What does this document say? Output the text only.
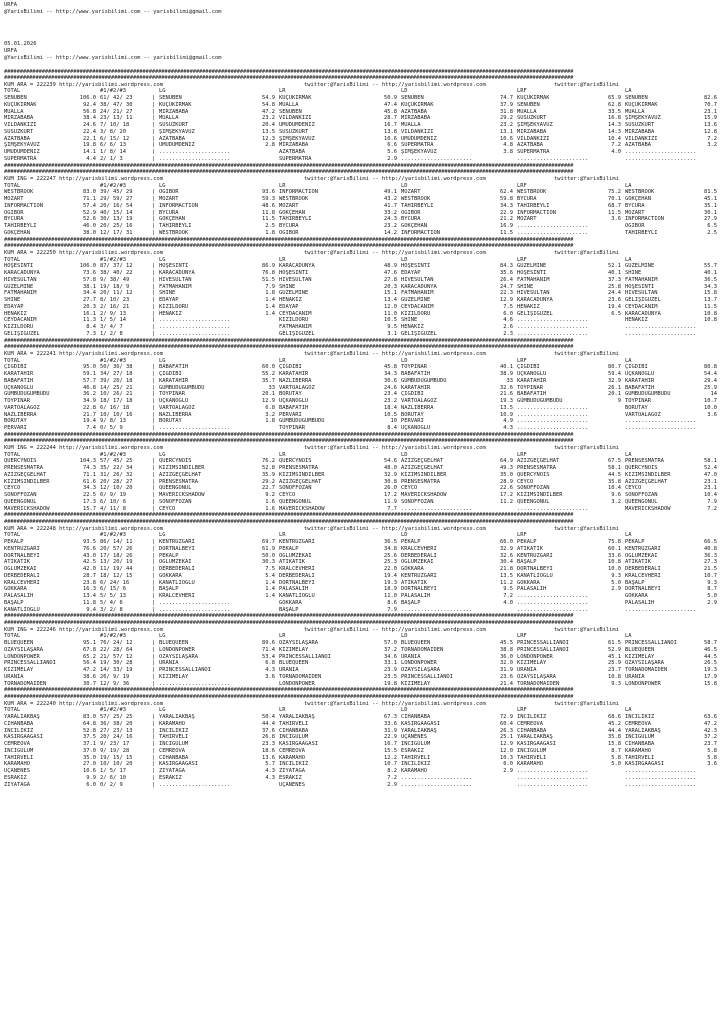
URFA
@YarisBilimi -- http://www.yarisbilimi.com -- yarisbilimi@gmail.com
05.01.2026
URFA
@YarisBilimi -- http://www.yarisbilimi.com -- yarisbilimi@gmail.com
#####################################################################################################################################################################################
#####################################################################################################################################################################################
KUM ARA = 222239 http://yarisbilimi.wordpress.com	twitter:@YarisBilimi -- http://yarisbilimi.wordpress.com	twitter:@YarisBilimi
TOTAL	#1/#2/#3	LG	LR	LD	LRF	LA
SENUBEN	106.0 61/ 42/ 23	| SENUBEN	54.9 KÜÇÜKIRMAK	50.9 SENUBEN	74.7 KÜÇÜKIRMAK	65.9 SENUBEN	82.6
KÜÇÜKIRMAK	92.4 38/ 47/ 30	| KÜÇÜKIRMAK	54.8 MUALLA	47.4 KÜÇÜKIRMAK	37.9 SENUBEN	62.8 KÜÇÜKIRMAK	70.7
MUALLA	56.8 24/ 21/ 27	| MİRZABABA	47.2 SENUBEN	45.8 AZATBABA	31.8 MUALLA	33.5 MUALLA	23.1
MİRZABABA	38.4 23/ 13/ 11	| MUALLA	23.2 VİLDANKIZI	28.7 MİRZABABA	29.2 SUSUZKURT	16.8 ŞİMŞEKYAVUZ	15.9
VİLDANKIZI	24.6 7/ 10/ 18	| SUSUZKURT	20.4 UMUDUMDENİZ	16.7 MUALLA	23.2 ŞİMŞEKYAVUZ	14.3 SUSUZKURT	13.6
SUSUZKURT	22.4 3/ 8/ 20	| ŞİMŞEKYAVUZ	13.5 SUSUZKURT	13.8 VİLDANKIZI	13.1 MİRZABABA	14.3 MİRZABABA	12.8
AZATBABA	22.1 6/ 15/ 12	| AZATBABA	12.3 ŞİMŞEKYAVUZ	10.6 UMUDUMDENİZ	10.6 VİLDANKIZI	10.4 VİLDANKIZI	7.2
ŞİMŞEKYAVUZ	19.8 6/ 6/ 13	| UMUDUMDENİZ	2.8 MİRZABABA	6.6 SÜPERMATRA	4.8 AZATBABA	7.2 AZATBABA	3.2
UMUDUMDENİZ	14.1 1/ 8/ 14	| ......................	AZATBABA	5.6 ŞİMŞEKYAVUZ	3.8 SÜPERMATRA	4.0 ......................
SÜPERMATRA	4.4 2/ 1/ 3	| ......................	SÜPERMATRA	2.9 ......................	......................	......................
#####################################################################################################################################################################################
#####################################################################################################################################################################################
KUM ING = 222247 http://yarisbilimi.wordpress.com	twitter:@YarisBilimi -- http://yarisbilimi.wordpress.com	twitter:@YarisBilimi
TOTAL	#1/#2/#3	LG	LR	LD	LRF	LA
WESTBROOK	83.0 39/ 45/ 29	| OGİBOR	93.6 INFORMACTION	49.1 MOZART	62.4 WESTBROOK	75.2 WESTBROOK	81.5
MOZART	71.1 29/ 59/ 27	| MOZART	59.3 WESTBROOK	43.2 WESTBROOK	59.8 BYCURA	70.1 GÖKÇEHAN	45.1
INFORMACTION	57.4 20/ 16/ 54	| INFORMACTION	48.6 MOZART	41.7 TAHİRBEYLİ	34.3 TAHİRBEYLİ	68.7 BYCURA	35.1
OGİBOR	52.9 40/ 15/ 14	| BYCURA	11.8 GÖKÇEHAN	33.2 OGİBOR	22.9 INFORMACTION	11.5 MOZART	30.1
BYCURA	52.6 30/ 13/ 19	| GÖKÇEHAN	11.5 TAHİRBEYLİ	24.3 BYCURA	21.2 MOZART	3.6 INFORMACTION	27.9
TAHİRBEYLİ	46.0 20/ 25/ 16	| TAHİRBEYLİ	2.5 BYCURA	23.2 GÖKÇEHAN	16.9 ......................	OGİBOR	6.5
GÖKÇEHAN	38.0 12/ 17/ 31	| WESTBROOK	1.8 OGİBOR	14.2 INFORMACTION	11.5 ......................	TAHİRBEYLİ	2.5
#####################################################################################################################################################################################
#####################################################################################################################################################################################
KUM ARA = 222250 http://yarisbilimi.wordpress.com	twitter:@YarisBilimi -- http://yarisbilimi.wordpress.com	twitter:@YarisBilimi
TOTAL	#1/#2/#3	LG	LR	LD	LRF	LA
HOŞESİNTİ	106.0 87/ 37/ 12	| HOŞESİNTİ	86.9 KARACADÜNYA	48.9 HOŞESİNTİ	84.3 GÜZELMİNE	52.1 GÜZELMİNE	55.7
KARACADÜNYA	73.6 38/ 40/ 22	| KARACADÜNYA	76.8 HOŞESİNTİ	47.6 EDAYAP	35.6 HOŞESİNTİ	40.1 SHINE	40.1
HIVESULTAN	57.8 9/ 38/ 49	| HIVESULTAN	51.5 HIVESULTAN	27.8 HIVESULTAN	26.4 FATMAHANIM	37.3 FATMAHANIM	36.5
GÜZELMİNE	38.1 19/ 18/ 9	| FATMAHANIM	7.9 SHINE	20.3 KARACADÜNYA	24.7 SHINE	25.8 HOŞESİNTİ	34.3
FATMAHANIM	34.4 20/ 11/ 12	| SHINE	1.8 GÜZELMİNE	15.1 FATMAHANIM	22.3 HIVESULTAN	24.4 HIVESULTAN	15.8
SHINE	27.7 8/ 10/ 23	| EDAYAP	1.4 HENAKIZ	13.4 GÜZELMİNE	12.9 KARACADÜNYA	23.6 GELİŞİGÜZEL	13.7
EDAYAP	20.3 2/ 16/ 21	| KIZILDORU	1.4 EDAYAP	12.0 CEYDACANIM	7.5 HENAKIZ	19.4 CEYDACANIM	11.5
HENAKIZ	16.1 2/ 9/ 13	| HENAKIZ	1.4 CEYDACANIM	11.0 KIZILDORU	6.0 GELİŞİGÜZEL	6.5 KARACADÜNYA	10.8
CEYDACANIM	11.3 1/ 5/ 14	| ......................	KIZILDORU	10.5 SHINE	4.6 ......................	HENAKIZ	10.8
KIZILDORU	8.4 3/ 4/ 7	| ......................	FATMAHANIM	9.5 HENAKIZ	2.6 ......................	......................
GELİŞİGÜZEL	7.3 1/ 2/ 8	| ......................	GELİŞİGÜZEL	3.1 GELİŞİGÜZEL	2.3 ......................	......................
#####################################################################################################################################################################################
#####################################################################################################################################################################################
KUM ARA = 222241 http://yarisbilimi.wordpress.com	twitter:@YarisBilimi -- http://yarisbilimi.wordpress.com	twitter:@YarisBilimi
TOTAL	#1/#2/#3	LG	LR	LD	LRF	LA
ÇİĞDİBİ	95.0 50/ 36/ 38	| BABAFATİH	60.0 ÇİĞDİBİ	45.8 TOYPINAR	40.1 ÇİĞDİBİ	80.7 ÇİĞDİBİ	80.8
KARATAHİR	59.1 34/ 27/ 18	| ÇİĞDİBİ	55.2 KARATAHİR	34.3 BABAFATİH	38.9 UÇKANOĞLU	59.4 UÇKANOĞLU	54.4
BABAFATİH	57.7 39/ 20/ 18	| KARATAHİR	35.7 NAZLIBERRA	30.6 GÜMBÜDÜGÜMBÜDÜ	33 KARATAHİR	32.9 KARATAHİR	29.4
UÇKANOĞLU	46.8 14/ 25/ 21	| GÜMBÜDÜGÜMBÜDÜ	33 VARTOALAGÖZ	24.6 KARATAHİR	32.6 TOYPINAR	26.1 BABAFATİH	25.9
GÜMBÜDÜGÜMBÜDÜ	36.2 10/ 26/ 21	| TOYPINAR	20.1 BÖRÜTAY	23.4 ÇİĞDİBİ	21.6 BABAFATİH	20.1 GÜMBÜDÜGÜMBÜDÜ	14
TOYPINAR	34.9 18/ 17/ 18	| UÇKANOĞLU	12.9 UÇKANOĞLU	23.2 VARTOALAGÖZ	19.3 GÜMBÜDÜGÜMBÜDÜ	9 TOYPINAR	10.7
VARTOALAGÖZ	22.8 6/ 16/ 18	| VARTOALAGÖZ	6.8 BABAFATİH	18.4 NAZLIBERRA	13.5 ......................	BÖRÜTAY	10.0
NAZLIBERRA	21.7 10/ 10/ 16	| NAZLIBERRA	3.2 PERVARİ	10.5 BÖRÜTAY	10.9 ......................	VARTOALAGÖZ	3.6
BÖRÜTAY	19.4 9/ 8/ 13	| BÖRÜTAY	1.8 GÜMBÜDÜGÜMBÜDÜ	10 PERVARİ	4.9 ......................	......................
PERVARİ	7.4 0/ 5/ 9	| ......................	TOYPINAR	8.4 UÇKANOĞLU	4.3 ......................	......................
#####################################################################################################################################################################################
#####################################################################################################################################################################################
KUM ING = 222244 http://yarisbilimi.wordpress.com	twitter:@YarisBilimi -- http://yarisbilimi.wordpress.com	twitter:@YarisBilimi
TOTAL	#1/#2/#3	LG	LR	LD	LRF	LA
QUERCYNOIS	104.3 57/ 45/ 25	| QUERCYNOIS	76.2 QUERCYNOIS	54.6 AZİZGEÇGELHAT	64.9 AZİZGEÇGELHAT	67.5 PRENSESMATRA	58.1
PRENSESMATRA	74.3 35/ 22/ 34	| KIZIMSINDİLBER	52.8 PRENSESMATRA	48.0 AZİZGEÇGELHAT	49.3 PRENSESMATRA	58.1 QUERCYNOIS	52.4
AZİZGEÇGELHAT	71.1 31/ 26/ 32	| AZİZGEÇGELHAT	35.9 KIZIMSINDİLBER	32.9 KIZIMSINDİLBER	35.0 QUERCYNOIS	44.5 KIZIMSINDİLBER	47.0
KIZIMSINDİLBER	61.6 20/ 28/ 27	| PRENSESMATRA	29.2 AZİZGEÇGELHAT	30.8 PRENSESMATRA	28.9 CEYCO	35.8 AZİZGEÇGELHAT	23.1
CEYCO	34.3 12/ 10/ 20	| QUEENGÖNÜL	22.7 SONOFFOZAN	26.0 CEYCO	22.6 SONOFFOZAN	10.4 CEYCO	23.1
SONOFFOZAN	22.5 6/ 9/ 19	| MAVERICKSHADOW	9.2 CEYCO	17.2 MAVERICKSHADOW	17.2 KIZIMSINDİLBER	9.6 SONOFFOZAN	10.4
QUEENGÖNÜL	17.3 6/ 10/ 6	| SONOFFOZAN	1.6 QUEENGÖNÜL	11.9 SONOFFOZAN	11.2 QUEENGÖNÜL	3.2 QUEENGÖNÜL	7.9
MAVERICKSHADOW	15.7 4/ 11/ 8	| CEYCO	1.6 MAVERICKSHADOW	7.7 ......................	......................	MAVERICKSHADOW	7.2
#####################################################################################################################################################################################
#####################################################################################################################################################################################
KUM ARA = 222248 http://yarisbilimi.wordpress.com	twitter:@YarisBilimi -- http://yarisbilimi.wordpress.com	twitter:@YarisBilimi
TOTAL	#1/#2/#3	LG	LR	LD	LRF	LA
PEKALP	93.5 86/ 14/ 11	| KENTRÜZGARI	69.7 KENTRÜZGARI	36.5 PEKALP	66.0 PEKALP	75.8 PEKALP	66.5
KENTRÜZGARI	76.6 20/ 57/ 26	| DÖRTNALBEYİ	61.9 PEKALP	34.8 KRALCEVHERİ	32.9 ATİKATİK	60.1 KENTRÜZGARI	40.8
DÖRTNALBEYİ	43.0 17/ 18/ 26	| PEKALP	50.0 OĞLUMZEKAİ	25.6 DERBEDERALİ	32.6 KENTRÜZGARI	33.6 OĞLUMZEKAİ	36.3
ATİKATİK	42.5 13/ 20/ 19	| OĞLUMZEKAİ	30.3 ATİKATİK	25.3 OĞLUMZEKAİ	30.4 BAŞALP	10.8 ATİKATİK	27.3
OĞLUMZEKAİ	42.0 11/ 19/ 44	| DERBEDERALİ	7.5 KRALCEVHERİ	22.0 GÖKKARA	21.8 DÖRTNALBEYİ	10.0 DERBEDERALİ	21.5
DERBEDERALİ	28.7 18/ 12/ 15	| GÖKKARA	5.4 DERBEDERALİ	19.4 KENTRÜZGARI	13.5 KANATLIOĞLU	9.3 KRALCEVHERİ	10.7
KRALCEVHERİ	23.8 6/ 24/ 16	| KANATLIOĞLU	1.4 DÖRTNALBEYİ	19.3 ATİKATİK	11.2 GÖKKARA	5.0 BAŞALP	9.3
GÖKKARA	16.3 6/ 15/ 6	| BAŞALP	1.4 PALASALİH	18.9 DÖRTNALBEYİ	9.5 PALASALİH	2.9 DÖRTNALBEYİ	8.7
PALASALİH	13.4 5/ 5/ 13	| KRALCEVHERİ	1.4 KANATLIOĞLU	11.0 PALASALİH	7.2 ......................	GÖKKARA	5.0
BAŞALP	11.8 5/ 4/ 6	| ......................	GÖKKARA	8.6 BAŞALP	4.0 ......................	PALASALİH	2.9
KANATLIOĞLU	9.4 3/ 2/ 8	| ......................	BAŞALP	7.9 ......................	......................	......................
#####################################################################################################################################################################################
#####################################################################################################################################################################################
KUM ING = 222246 http://yarisbilimi.wordpress.com	twitter:@YarisBilimi -- http://yarisbilimi.wordpress.com	twitter:@YarisBilimi
TOTAL	#1/#2/#3	LG	LR	LD	LRF	LA
BLUEQUEEN	95.1 76/ 24/ 12	| BLUEQUEEN	89.6 ÖZAYSILAŞARA	57.0 BLUEQUEEN	45.5 PRINCESSALLIANOI	61.5 PRINCESSALLIANOI	58.7
ÖZAYSILAŞARA	67.8 22/ 28/ 64	| LONDONPOWER	71.4 KIZIMELAY	37.2 TORNADOMAIDEN	38.8 PRINCESSALLIANOI	52.9 BLUEQUEEN	46.5
LONDONPOWER	65.2 21/ 57/ 12	| ÖZAYSILAŞARA	53.4 PRINCESSALLIANOI	34.6 URANIA	36.0 LONDONPOWER	45.1 KIZIMELAY	44.5
PRINCESSALLIANOI	56.4 19/ 30/ 28	| URANIA	6.8 BLUEQUEEN	33.1 LONDONPOWER	32.0 KIZIMELAY	25.9 ÖZAYSILAŞARA	26.5
KIZIMELAY	47.2 14/ 33/ 19	| PRINCESSALLIANOI	4.3 URANIA	23.9 ÖZAYSILAŞARA	31.9 URANIA	23.7 TORNADOMAIDEN	19.3
URANIA	38.6 26/ 9/ 19	| KIZIMELAY	3.6 TORNADOMAIDEN	23.5 PRINCESSALLIANOI	23.6 ÖZAYSILAŞARA	10.8 URANIA	17.9
TORNADOMAIDEN	30.7 12/ 9/ 36	| ......................	LONDONPOWER	19.8 KIZIMELAY	21.4 TORNADOMAIDEN	9.3 LONDONPOWER	15.8
#####################################################################################################################################################################################
#####################################################################################################################################################################################
KUM ARA = 222240 http://yarisbilimi.wordpress.com	twitter:@YarisBilimi -- http://yarisbilimi.wordpress.com	twitter:@YarisBilimi
TOTAL	#1/#2/#3	LG	LR	LD	LRF	LA
YARALIAKBAŞ	83.0 57/ 25/ 25	| YARALIAKBAŞ	50.4 YARALIAKBAŞ	67.3 CİHANBABA	72.9 İNCİLİKIZ	68.6 İNCİLİKIZ	63.6
CİHANBABA	64.8 36/ 38/ 20	| KARAMAHO	44.4 TAHİRVELİ	33.6 KASIRGAAĞASI	60.4 CEMREOVA	45.2 CEMREOVA	47.2
İNCİLİKIZ	52.8 27/ 23/ 13	| İNCİLİKIZ	37.6 CİHANBABA	31.9 YARALIAKBAŞ	26.3 CİHANBABA	44.4 YARALIAKBAŞ	42.3
KASIRGAAĞASI	37.5 20/ 24/ 16	| TAHİRVELİ	26.8 İNCİGÜLÜM	22.9 UÇANENES	25.1 YARALIAKBAŞ	35.8 İNCİGÜLÜM	37.2
CEMREOVA	37.1 9/ 23/ 17	| İNCİGÜLÜM	23.3 KASIRGAAĞASI	16.7 İNCİGÜLÜM	12.9 KASIRGAAĞASI	15.8 CİHANBABA	23.7
İNCİGÜLÜM	37.0 9/ 19/ 28	| CEMREOVA	18.6 CEMREOVA	15.5 ESRAKIZ	12.0 İNCİGÜLÜM	8.7 KARAMAHO	5.8
TAHİRVELİ	35.0 19/ 15/ 15	| CİHANBABA	13.6 KARAMAHO	12.2 TAHİRVELİ	10.3 TAHİRVELİ	5.8 TAHİRVELİ	5.8
KARAMAHO	27.0 10/ 10/ 20	| KASIRGAAĞASI	5.7 İNCİLİKIZ	10.7 İNCİLİKIZ	6.0 KARAMAHO	5.0 KASIRGAAĞASI	3.6
UÇANENES	10.6 1/ 5/ 17	| ZİYATAĞA	4.3 ZİYATAĞA	8.2 KARAMAHO	2.9 ......................	......................
ESRAKIZ	9.9 2/ 6/ 10	| ESRAKIZ	4.3 ESRAKIZ	7.2 ......................	......................	......................
ZİYATAĞA	6.0 0/ 2/ 9	| ......................	UÇANENES	2.9 ......................	......................	......................
